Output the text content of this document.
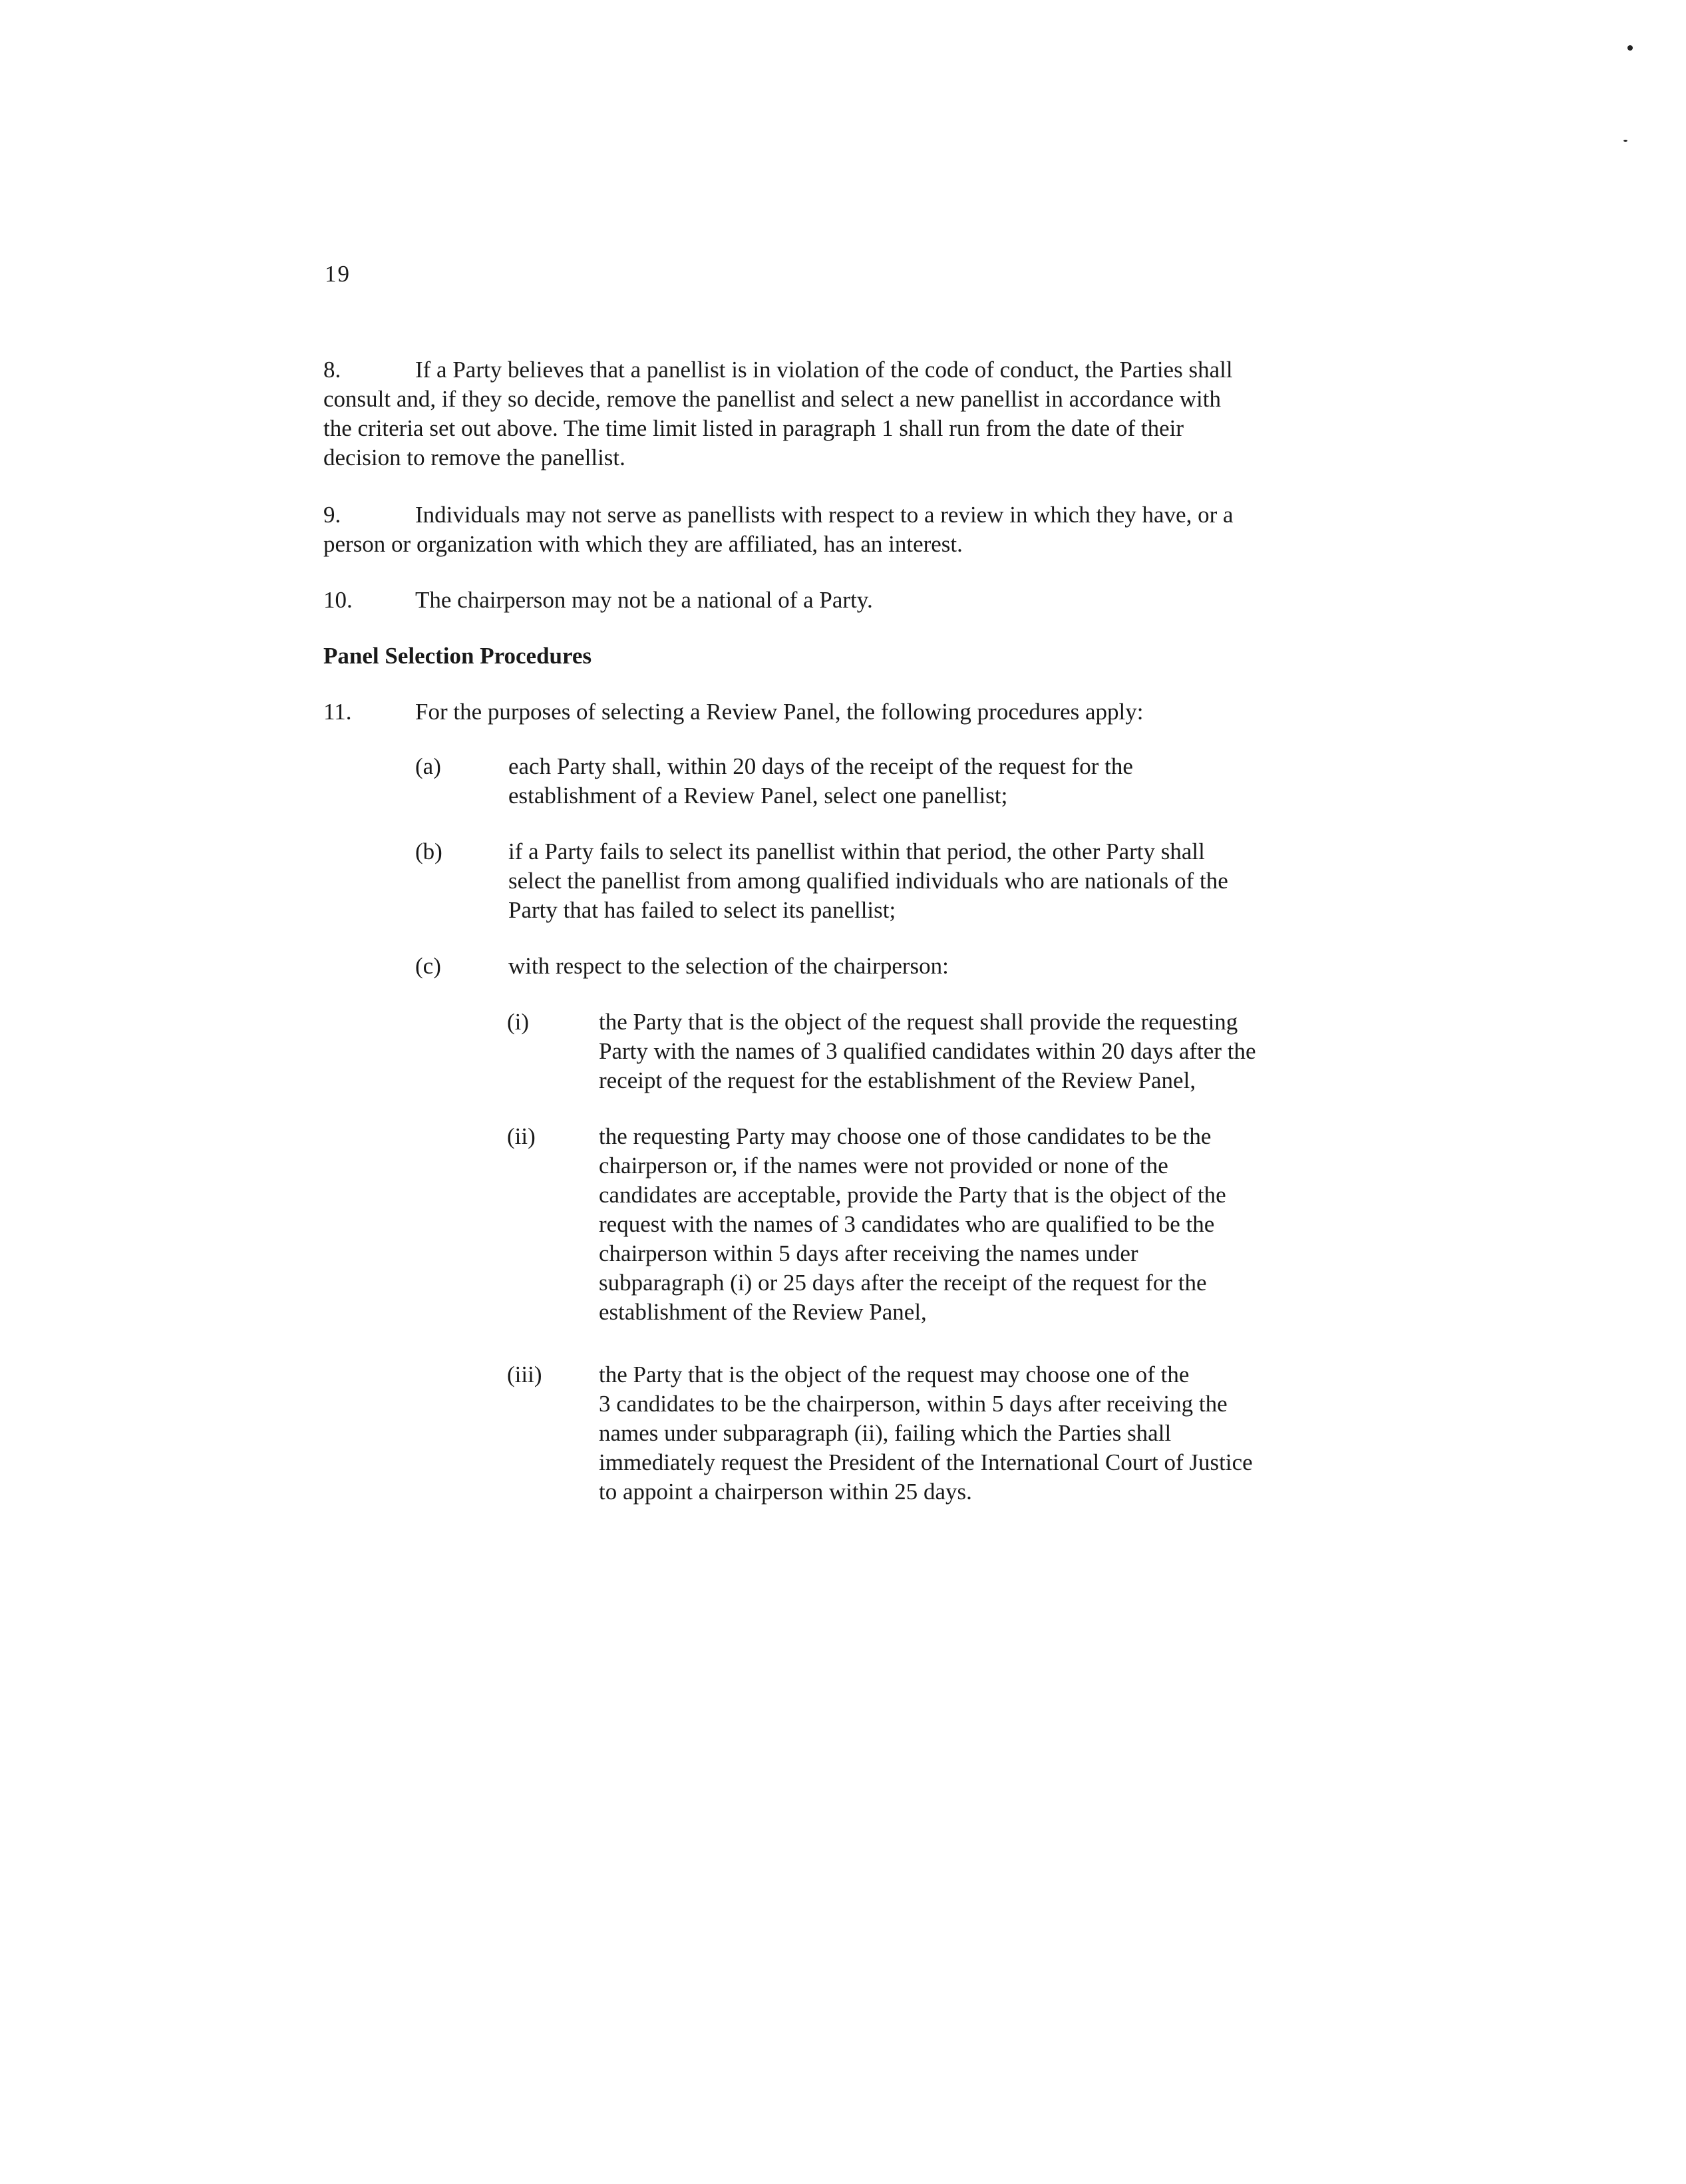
19
8.	If a Party believes that a panellist is in violation of the code of conduct, the Parties shall
consult and, if they so decide, remove the panellist and select a new panellist in accordance with
the criteria set out above. The time limit listed in paragraph 1 shall run from the date of their
decision to remove the panellist.
9.	Individuals may not serve as panellists with respect to a review in which they have, or a
person or organization with which they are affiliated, has an interest.
10.	The chairperson may not be a national of a Party.
Panel Selection Procedures
11.	For the purposes of selecting a Review Panel, the following procedures apply:
(a)	each Party shall, within 20 days of the receipt of the request for the
establishment of a Review Panel, select one panellist;
(b)	if a Party fails to select its panellist within that period, the other Party shall
select the panellist from among qualified individuals who are nationals of the
Party that has failed to select its panellist;
(c)	with respect to the selection of the chairperson:
(i)	the Party that is the object of the request shall provide the requesting
Party with the names of 3 qualified candidates within 20 days after the
receipt of the request for the establishment of the Review Panel,
(ii)	the requesting Party may choose one of those candidates to be the
chairperson or, if the names were not provided or none of the
candidates are acceptable, provide the Party that is the object of the
request with the names of 3 candidates who are qualified to be the
chairperson within 5 days after receiving the names under
subparagraph (i) or 25 days after the receipt of the request for the
establishment of the Review Panel,
(iii) the Party that is the object of the request may choose one of the
3 candidates to be the chairperson, within 5 days after receiving the
names under subparagraph (ii), failing which the Parties shall
immediately request the President of the International Court of Justice
to appoint a chairperson within 25 days.
